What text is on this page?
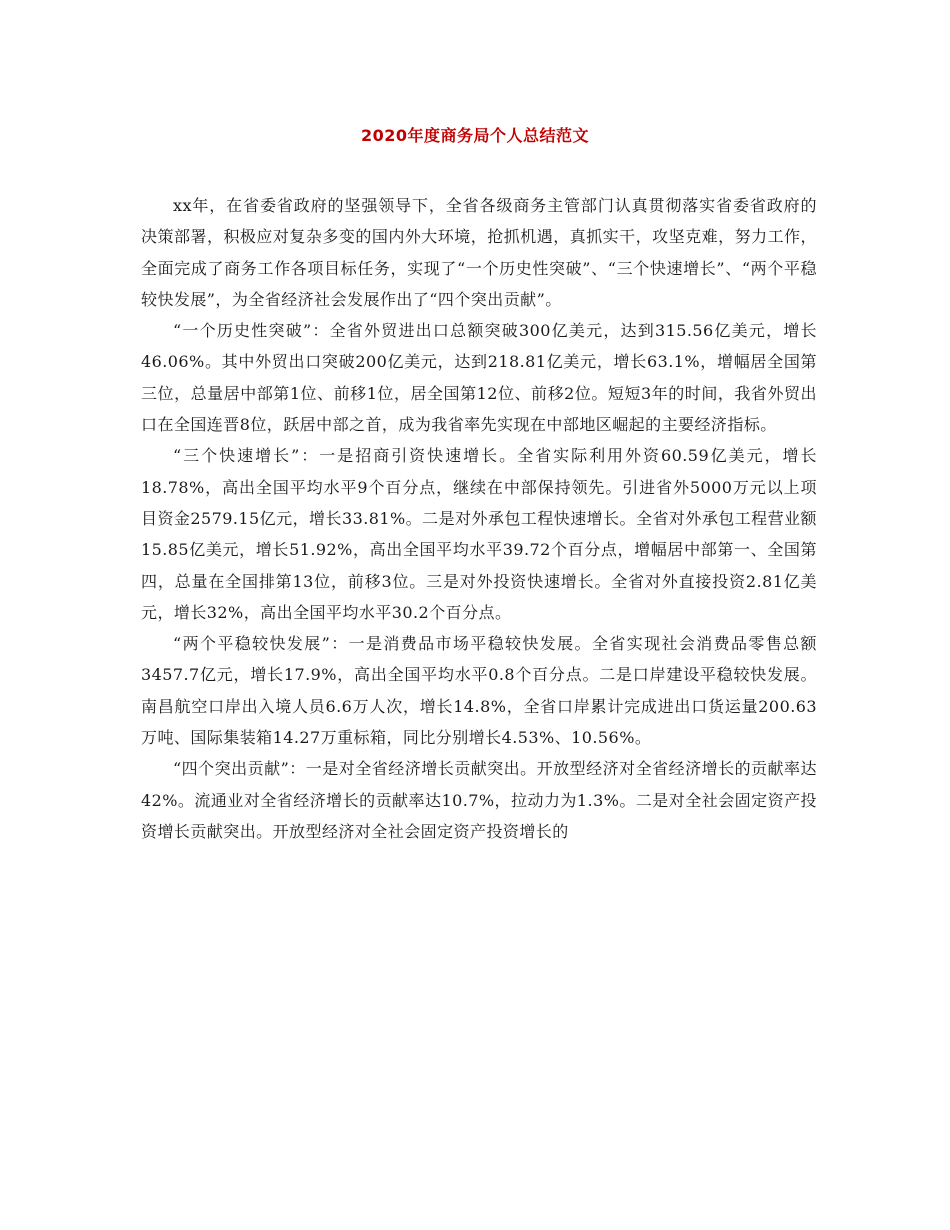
2020年度商务局个人总结范文

xx年，在省委省政府的坚强领导下，全省各级商务主管部门认真贯彻落实省委省政府的决策部署，积极应对复杂多变的国内外大环境，抢抓机遇，真抓实干，攻坚克难，努力工作，全面完成了商务工作各项目标任务，实现了“一个历史性突破”、“三个快速增长”、“两个平稳较快发展”，为全省经济社会发展作出了“四个突出贡献”。

“一个历史性突破”：全省外贸进出口总额突破300亿美元，达到315.56亿美元，增长46.06%。其中外贸出口突破200亿美元，达到218.81亿美元，增长63.1%，增幅居全国第三位，总量居中部第1位、前移1位，居全国第12位、前移2位。短短3年的时间，我省外贸出口在全国连晋8位，跃居中部之首，成为我省率先实现在中部地区崛起的主要经济指标。

“三个快速增长”：一是招商引资快速增长。全省实际利用外资60.59亿美元，增长18.78%，高出全国平均水平9个百分点，继续在中部保持领先。引进省外5000万元以上项目资金2579.15亿元，增长33.81%。二是对外承包工程快速增长。全省对外承包工程营业额15.85亿美元，增长51.92%，高出全国平均水平39.72个百分点，增幅居中部第一、全国第四，总量在全国排第13位，前移3位。三是对外投资快速增长。全省对外直接投资2.81亿美元，增长32%，高出全国平均水平30.2个百分点。

“两个平稳较快发展”：一是消费品市场平稳较快发展。全省实现社会消费品零售总额3457.7亿元，增长17.9%，高出全国平均水平0.8个百分点。二是口岸建设平稳较快发展。南昌航空口岸出入境人员6.6万人次，增长14.8%，全省口岸累计完成进出口货运量200.63万吨、国际集装箱14.27万重标箱，同比分别增长4.53%、10.56%。

“四个突出贡献”：一是对全省经济增长贡献突出。开放型经济对全省经济增长的贡献率达42%。流通业对全省经济增长的贡献率达10.7%，拉动力为1.3%。二是对全社会固定资产投资增长贡献突出。开放型经济对全社会固定资产投资增长的
